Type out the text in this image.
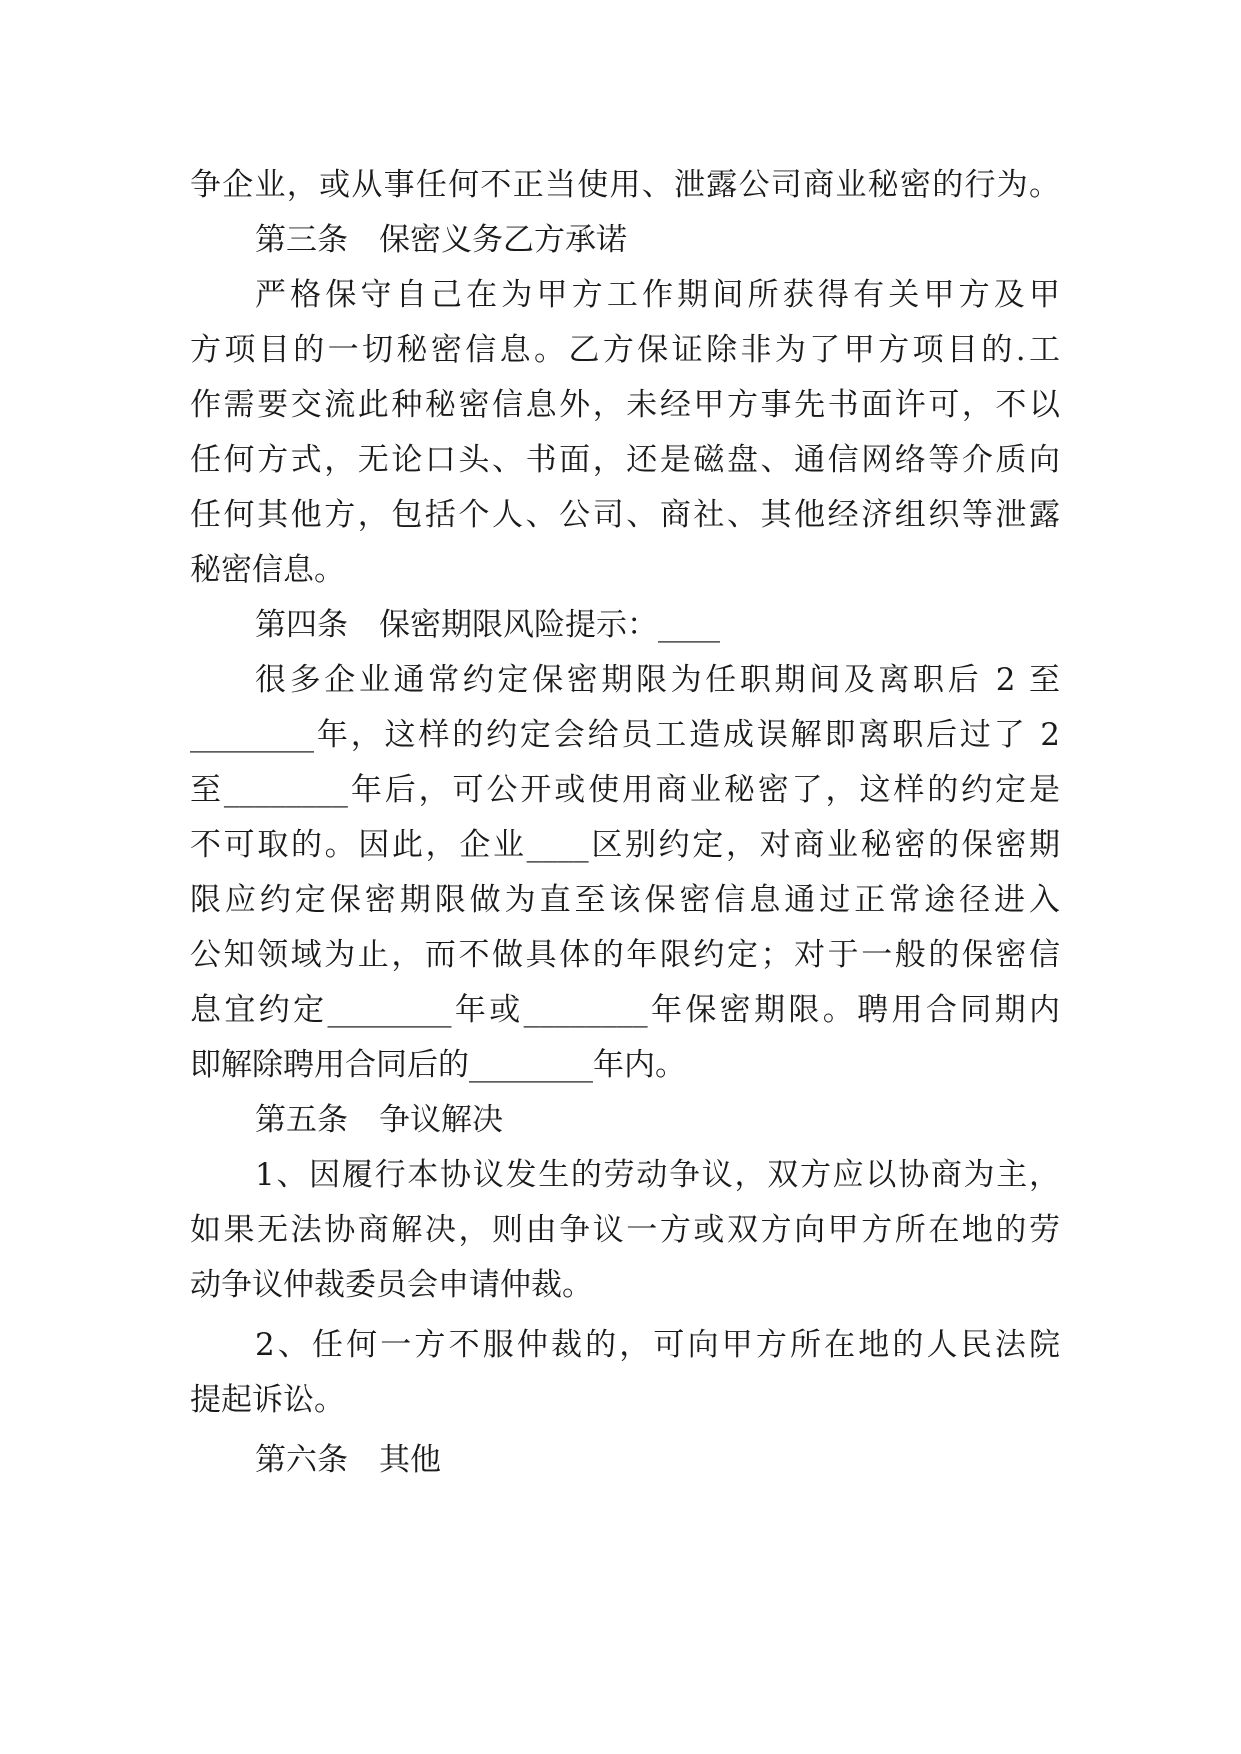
争企业，或从事任何不正当使用、泄露公司商业秘密的行为。

第三条　保密义务乙方承诺

严格保守自己在为甲方工作期间所获得有关甲方及甲

方项目的一切秘密信息。乙方保证除非为了甲方项目的.工

作需要交流此种秘密信息外，未经甲方事先书面许可，不以

任何方式，无论口头、书面，还是磁盘、通信网络等介质向

任何其他方，包括个人、公司、商社、其他经济组织等泄露

秘密信息。

第四条　保密期限风险提示：____

很多企业通常约定保密期限为任职期间及离职后 2 至

________年，这样的约定会给员工造成误解即离职后过了 2

至________年后，可公开或使用商业秘密了，这样的约定是

不可取的。因此，企业____区别约定，对商业秘密的保密期

限应约定保密期限做为直至该保密信息通过正常途径进入

公知领域为止，而不做具体的年限约定；对于一般的保密信

息宜约定________年或________年保密期限。聘用合同期内

即解除聘用合同后的________年内。

第五条　争议解决

1、因履行本协议发生的劳动争议，双方应以协商为主，

如果无法协商解决，则由争议一方或双方向甲方所在地的劳

动争议仲裁委员会申请仲裁。

2、任何一方不服仲裁的，可向甲方所在地的人民法院

提起诉讼。

第六条　其他
